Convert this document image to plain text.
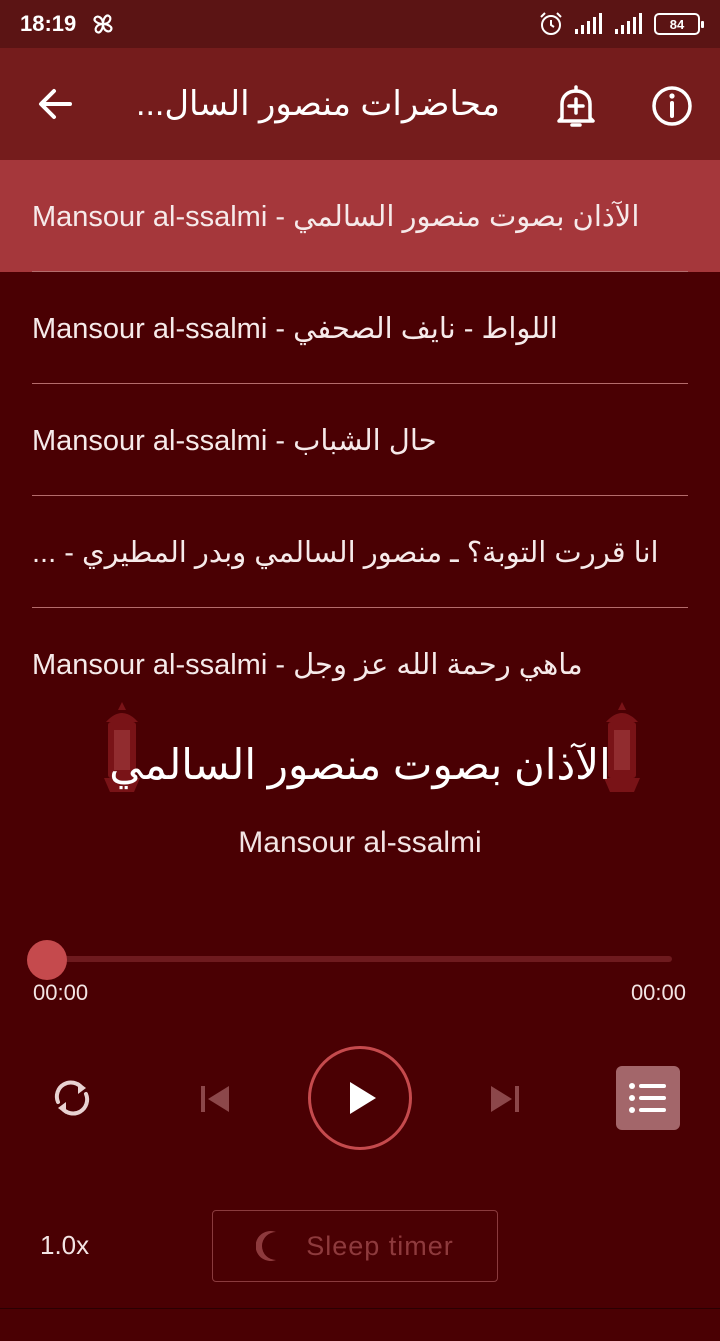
18:19	84
محاضرات منصور السال...
Mansour al-ssalmi - الآذان بصوت منصور السالمي
Mansour al-ssalmi - اللواط - نايف الصحفي
Mansour al-ssalmi - حال الشباب
... - انا قررت التوبة؟ ـ منصور السالمي وبدر المطيري
Mansour al-ssalmi - ماهي رحمة الله عز وجل
الآذان بصوت منصور السالمي
Mansour al-ssalmi
00:00	00:00
1.0x	Sleep timer
